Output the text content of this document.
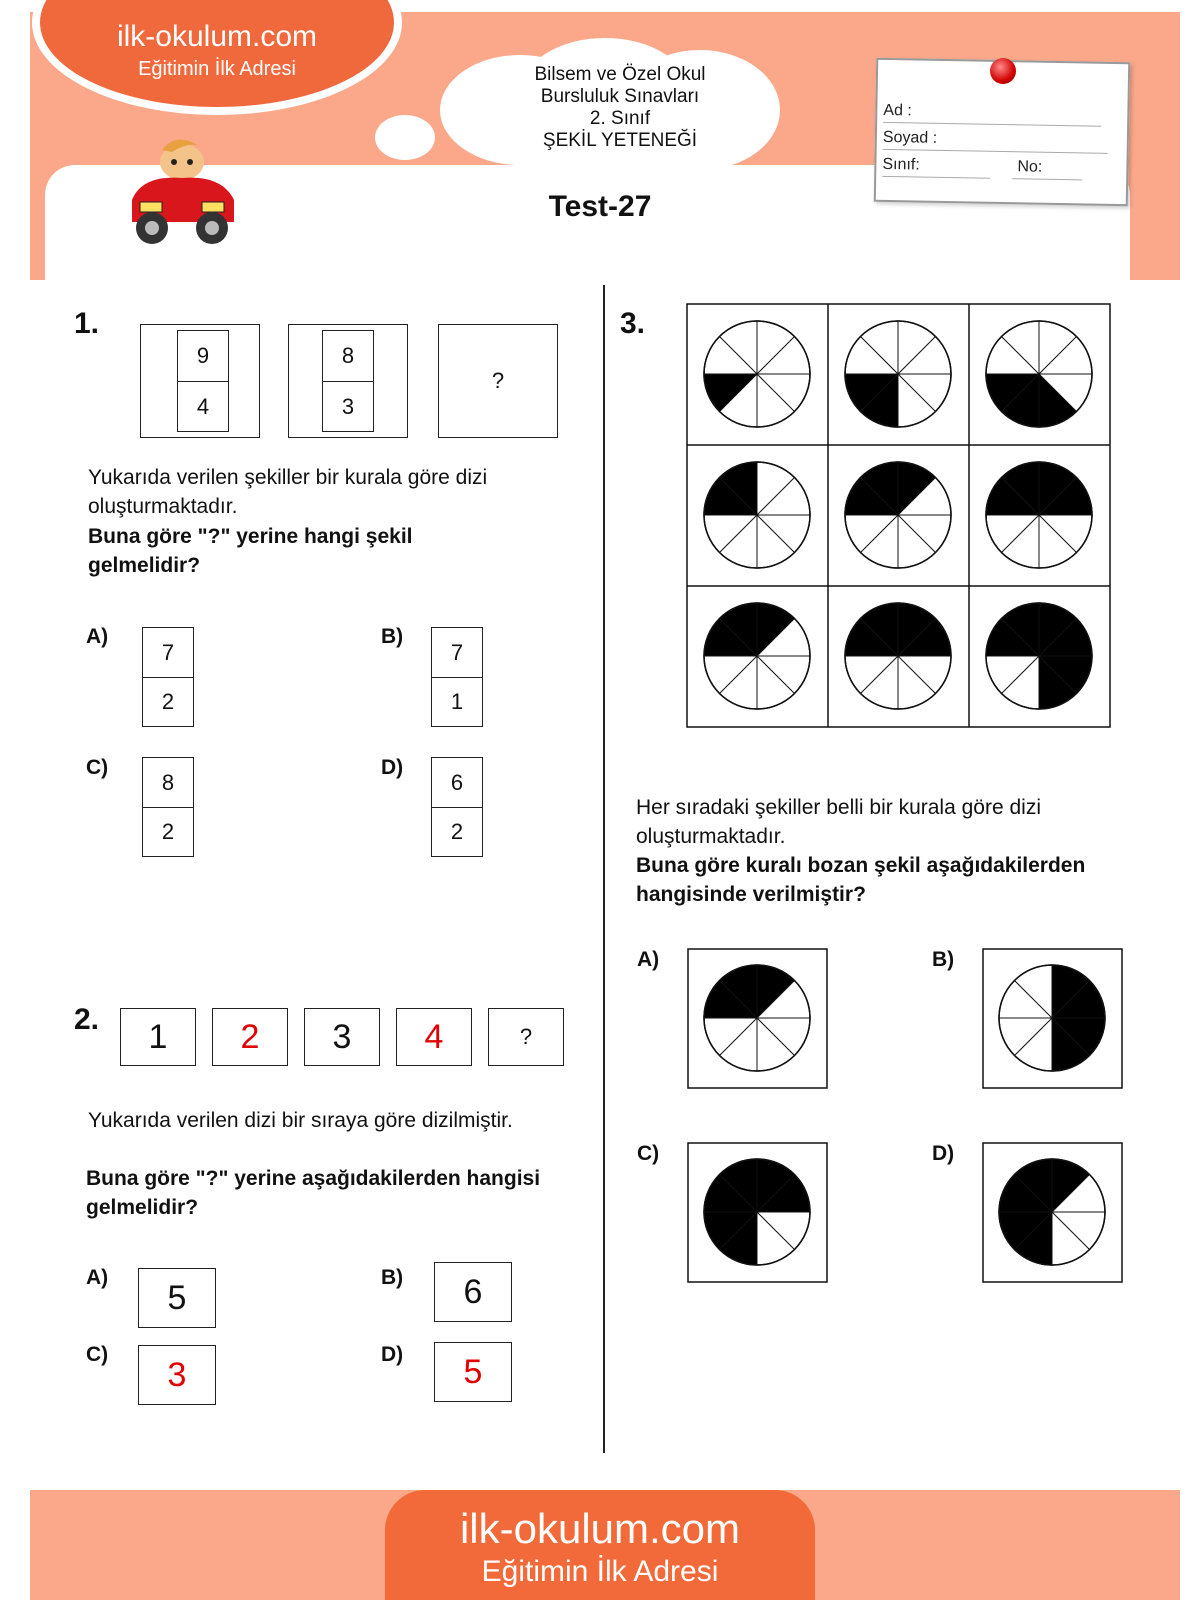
ilk-okulum.com
Eğitimin İlk Adresi	Bilsem ve Özel Okul
Bursluluk Sınavları
2. Sınıf
ŞEKİL YETENEĞİ
Ad :
Soyad :
Sınıf:	No:
Test-27
1.
9
4
8
3
?
Yukarıda verilen şekiller bir kurala göre dizi oluşturmaktadır.
Buna göre "?" yerine hangi şekil gelmelidir?
A)
7
2
B)
7
1
C)
8
2
D)
6
2
2.	1	2	3	4	?
Yukarıda verilen dizi bir sıraya göre dizilmiştir.
Buna göre "?" yerine aşağıdakilerden hangisi gelmelidir?
A)
5
B)	6
C)
3
D)	5
3.
Her sıradaki şekiller belli bir kurala göre dizi oluşturmaktadır.
Buna göre kuralı bozan şekil aşağıdakilerden hangisinde verilmiştir?
A)	B)
C)	D)
ilk-okulum.com
Eğitimin İlk Adresi
